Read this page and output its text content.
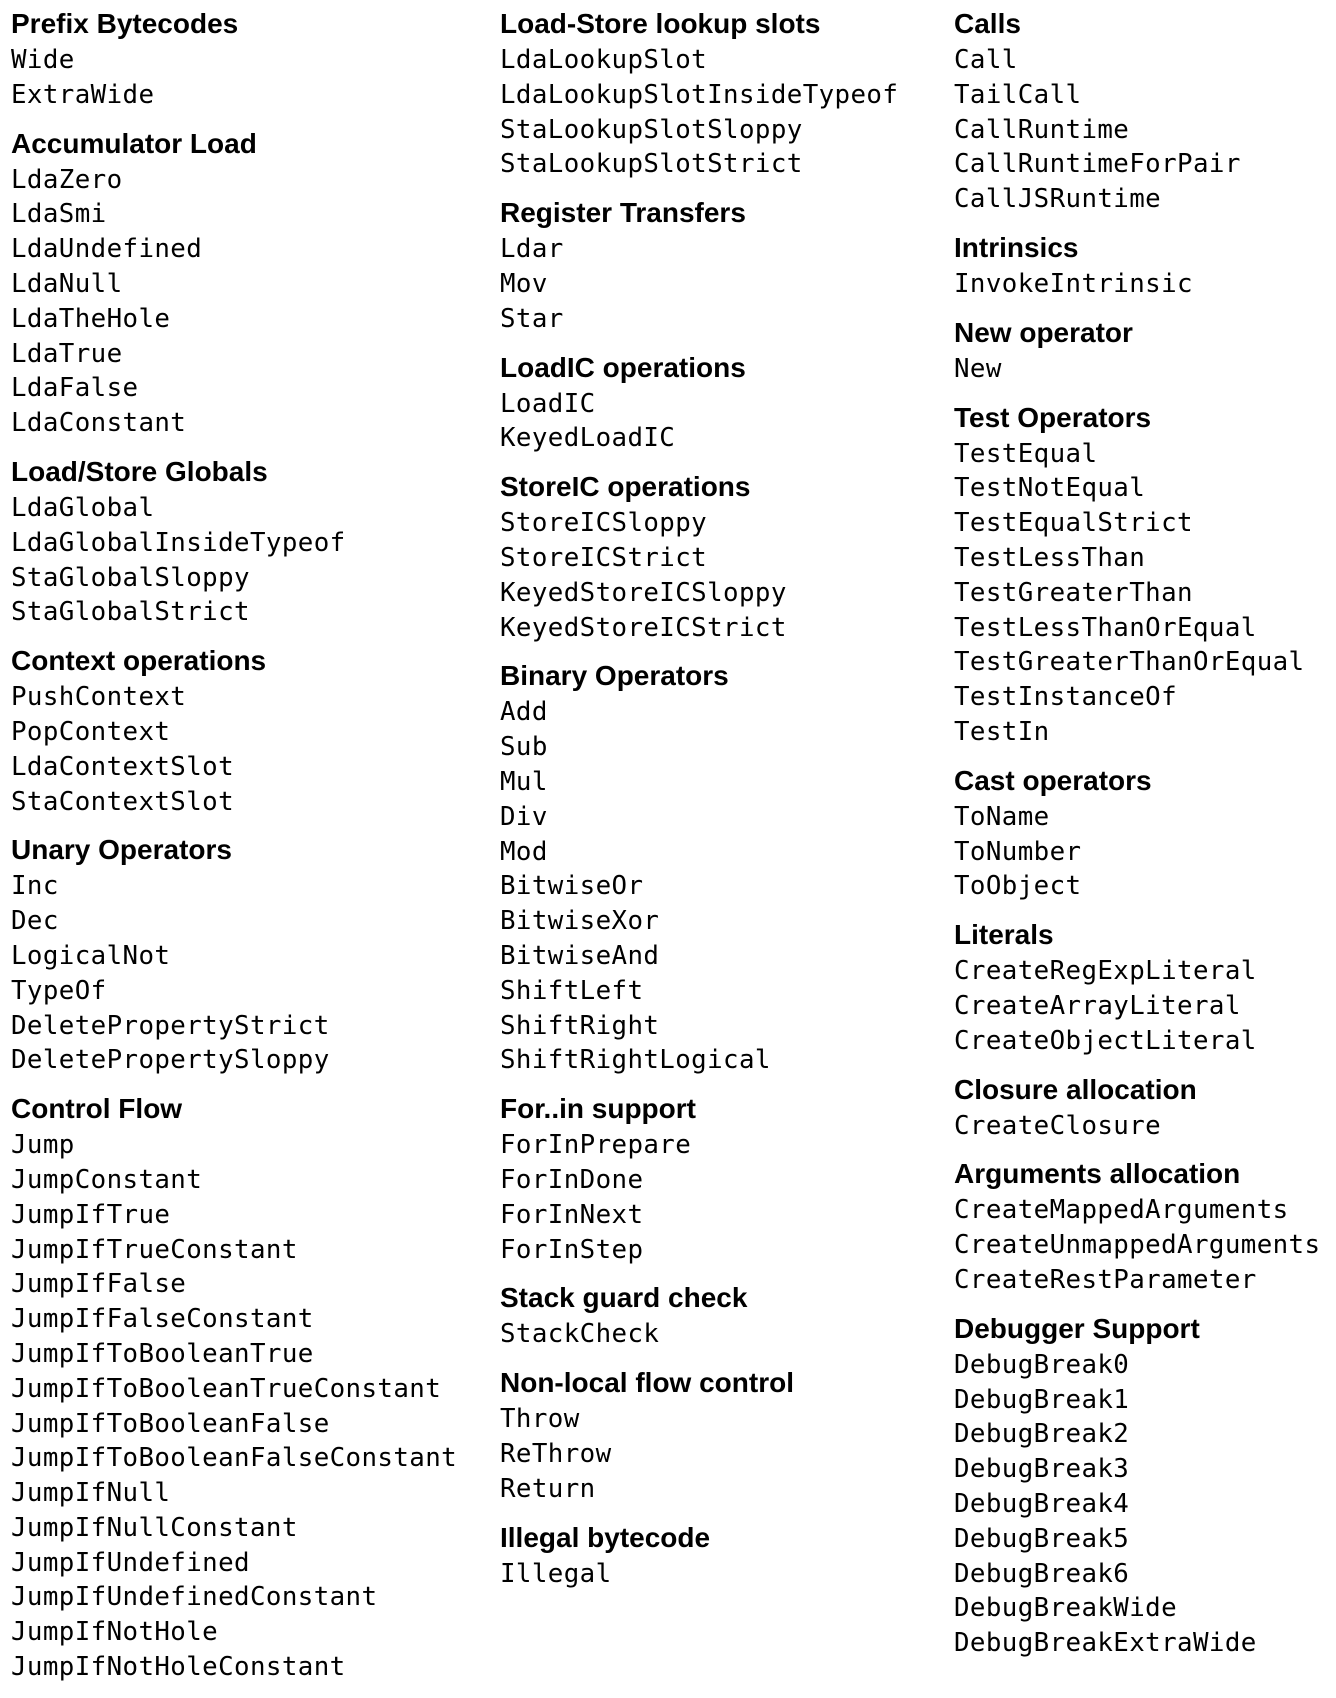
Prefix Bytecodes
Wide
ExtraWide
Accumulator Load
LdaZero
LdaSmi
LdaUndefined
LdaNull
LdaTheHole
LdaTrue
LdaFalse
LdaConstant
Load/Store Globals
LdaGlobal
LdaGlobalInsideTypeof
StaGlobalSloppy
StaGlobalStrict
Context operations
PushContext
PopContext
LdaContextSlot
StaContextSlot
Unary Operators
Inc
Dec
LogicalNot
TypeOf
DeletePropertyStrict
DeletePropertySloppy
Control Flow
Jump
JumpConstant
JumpIfTrue
JumpIfTrueConstant
JumpIfFalse
JumpIfFalseConstant
JumpIfToBooleanTrue
JumpIfToBooleanTrueConstant
JumpIfToBooleanFalse
JumpIfToBooleanFalseConstant
JumpIfNull
JumpIfNullConstant
JumpIfUndefined
JumpIfUndefinedConstant
JumpIfNotHole
JumpIfNotHoleConstant
Load-Store lookup slots
LdaLookupSlot
LdaLookupSlotInsideTypeof
StaLookupSlotSloppy
StaLookupSlotStrict
Register Transfers
Ldar
Mov
Star
LoadIC operations
LoadIC
KeyedLoadIC
StoreIC operations
StoreICSloppy
StoreICStrict
KeyedStoreICSloppy
KeyedStoreICStrict
Binary Operators
Add
Sub
Mul
Div
Mod
BitwiseOr
BitwiseXor
BitwiseAnd
ShiftLeft
ShiftRight
ShiftRightLogical
For..in support
ForInPrepare
ForInDone
ForInNext
ForInStep
Stack guard check
StackCheck
Non-local flow control
Throw
ReThrow
Return
Illegal bytecode
Illegal
Calls
Call
TailCall
CallRuntime
CallRuntimeForPair
CallJSRuntime
Intrinsics
InvokeIntrinsic
New operator
New
Test Operators
TestEqual
TestNotEqual
TestEqualStrict
TestLessThan
TestGreaterThan
TestLessThanOrEqual
TestGreaterThanOrEqual
TestInstanceOf
TestIn
Cast operators
ToName
ToNumber
ToObject
Literals
CreateRegExpLiteral
CreateArrayLiteral
CreateObjectLiteral
Closure allocation
CreateClosure
Arguments allocation
CreateMappedArguments
CreateUnmappedArguments
CreateRestParameter
Debugger Support
DebugBreak0
DebugBreak1
DebugBreak2
DebugBreak3
DebugBreak4
DebugBreak5
DebugBreak6
DebugBreakWide
DebugBreakExtraWide
